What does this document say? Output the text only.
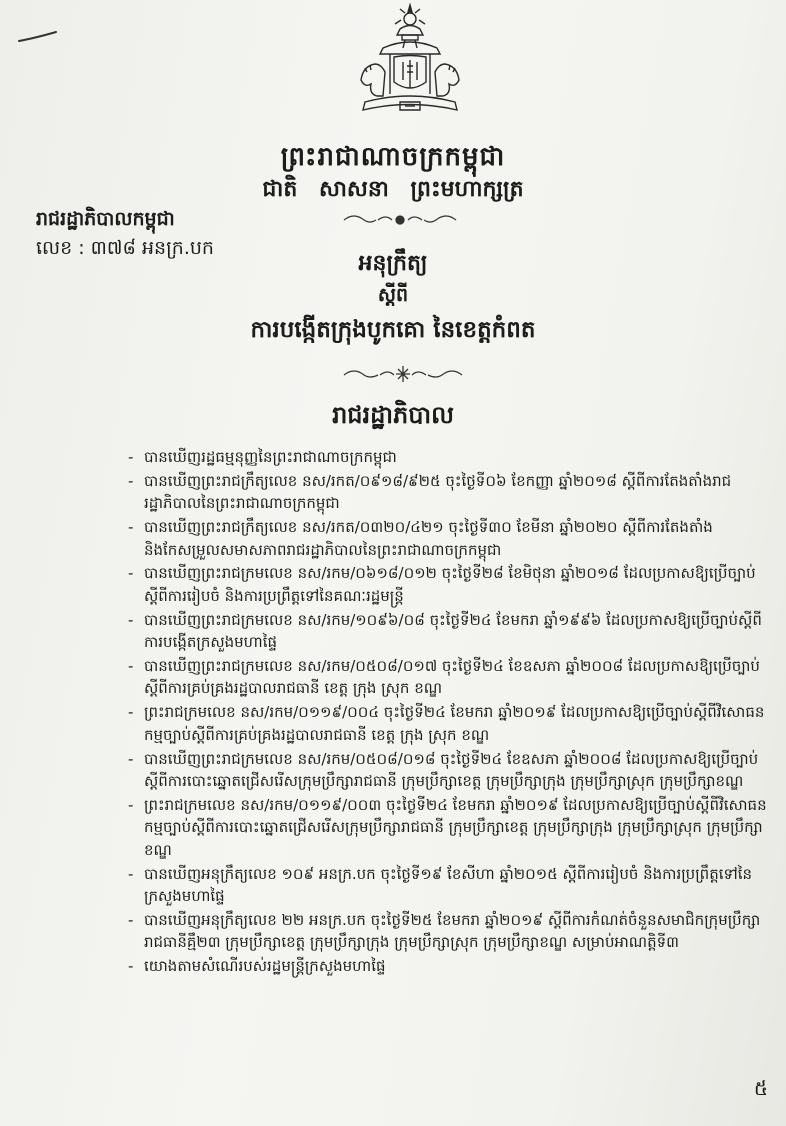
ព្រះរាជាណាចក្រកម្ពុជា
ជាតិ សាសនា ព្រះមហាក្សត្រ
រាជរដ្ឋាភិបាលកម្ពុជា
លេខ : ៣៧៨ អនក្រ.បក
អនុក្រឹត្យ
ស្តីពី
ការបង្កើតក្រុងបូកគោ នៃខេត្តកំពត
រាជរដ្ឋាភិបាល
- បានឃើញរដ្ឋធម្មនុញ្ញនៃព្រះរាជាណាចក្រកម្ពុជា
- បានឃើញព្រះរាជក្រឹត្យលេខ នស/រកត/០៩១៨/៩២៥ ចុះថ្ងៃទី០៦ ខែកញ្ញា ឆ្នាំ២០១៨ ស្តីពីការតែងតាំងរាជរដ្ឋាភិបាលនៃព្រះរាជាណាចក្រកម្ពុជា
- បានឃើញព្រះរាជក្រឹត្យលេខ នស/រកត/០៣២០/៤២១ ចុះថ្ងៃទី៣០ ខែមីនា ឆ្នាំ២០២០ ស្តីពីការតែងតាំង និងកែសម្រួលសមាសភាពរាជរដ្ឋាភិបាលនៃព្រះរាជាណាចក្រកម្ពុជា
- បានឃើញព្រះរាជក្រមលេខ នស/រកម/០៦១៨/០១២ ចុះថ្ងៃទី២៨ ខែមិថុនា ឆ្នាំ២០១៨ ដែលប្រកាសឱ្យប្រើច្បាប់ស្តីពីការរៀបចំ និងការប្រព្រឹត្តទៅនៃគណៈរដ្ឋមន្ត្រី
- បានឃើញព្រះរាជក្រមលេខ នស/រកម/១០៩៦/០៨ ចុះថ្ងៃទី២៤ ខែមករា ឆ្នាំ១៩៩៦ ដែលប្រកាសឱ្យប្រើច្បាប់ស្តីពីការបង្កើតក្រសួងមហាផ្ទៃ
- បានឃើញព្រះរាជក្រមលេខ នស/រកម/០៥០៨/០១៧ ចុះថ្ងៃទី២៤ ខែឧសភា ឆ្នាំ២០០៨ ដែលប្រកាសឱ្យប្រើច្បាប់ស្តីពីការគ្រប់គ្រងរដ្ឋបាលរាជធានី ខេត្ត ក្រុង ស្រុក ខណ្ឌ
- ព្រះរាជក្រមលេខ នស/រកម/០១១៩/០០៤ ចុះថ្ងៃទី២៤ ខែមករា ឆ្នាំ២០១៩ ដែលប្រកាសឱ្យប្រើច្បាប់ស្តីពីវិសោធនកម្មច្បាប់ស្តីពីការគ្រប់គ្រងរដ្ឋបាលរាជធានី ខេត្ត ក្រុង ស្រុក ខណ្ឌ
- បានឃើញព្រះរាជក្រមលេខ នស/រកម/០៥០៨/០១៨ ចុះថ្ងៃទី២៤ ខែឧសភា ឆ្នាំ២០០៨ ដែលប្រកាសឱ្យប្រើច្បាប់ស្តីពីការបោះឆ្នោតជ្រើសរើសក្រុមប្រឹក្សារាជធានី ក្រុមប្រឹក្សាខេត្ត ក្រុមប្រឹក្សាក្រុង ក្រុមប្រឹក្សាស្រុក ក្រុមប្រឹក្សាខណ្ឌ
- ព្រះរាជក្រមលេខ នស/រកម/០១១៩/០០៣ ចុះថ្ងៃទី២៤ ខែមករា ឆ្នាំ២០១៩ ដែលប្រកាសឱ្យប្រើច្បាប់ស្តីពីវិសោធនកម្មច្បាប់ស្តីពីការបោះឆ្នោតជ្រើសរើសក្រុមប្រឹក្សារាជធានី ក្រុមប្រឹក្សាខេត្ត ក្រុមប្រឹក្សាក្រុង ក្រុមប្រឹក្សាស្រុក ក្រុមប្រឹក្សាខណ្ឌ
- បានឃើញអនុក្រឹត្យលេខ ១០៩ អនក្រ.បក ចុះថ្ងៃទី១៩ ខែសីហា ឆ្នាំ២០១៥ ស្តីពីការរៀបចំ និងការប្រព្រឹត្តទៅនៃក្រសួងមហាផ្ទៃ
- បានឃើញអនុក្រឹត្យលេខ ២២ អនក្រ.បក ចុះថ្ងៃទី២៥ ខែមករា ឆ្នាំ២០១៩ ស្តីពីការកំណត់ចំនួនសមាជិកក្រុមប្រឹក្សារាជធានីគ្មឹ២៣ ក្រុមប្រឹក្សាខេត្ត ក្រុមប្រឹក្សាក្រុង ក្រុមប្រឹក្សាស្រុក ក្រុមប្រឹក្សាខណ្ឌ សម្រាប់អាណត្តិទី៣
- យោងតាមសំណើរបស់រដ្ឋមន្ត្រីក្រសួងមហាផ្ទៃ
៥
